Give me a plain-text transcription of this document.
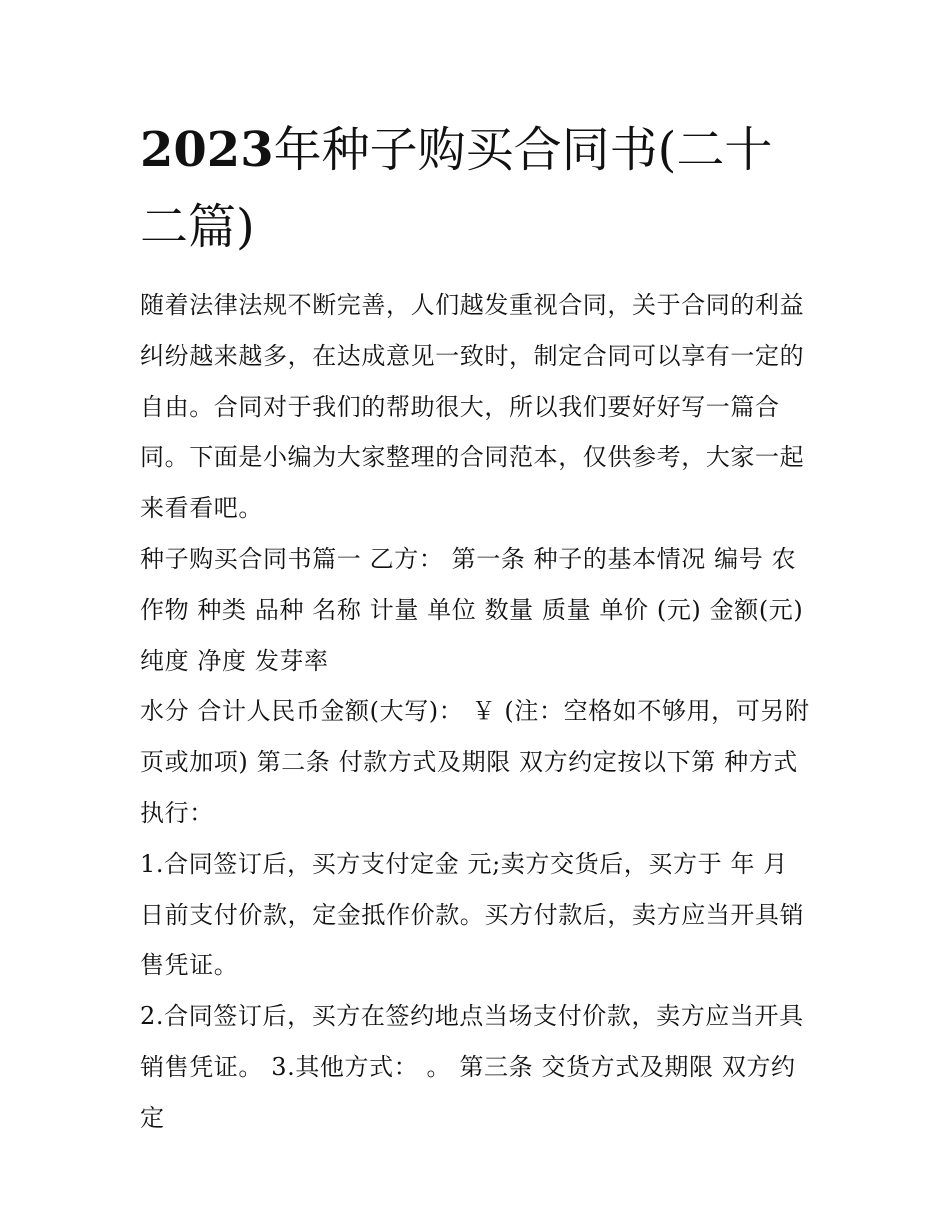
2023年种子购买合同书(二十二篇)

随着法律法规不断完善，人们越发重视合同，关于合同的利益纠纷越来越多，在达成意见一致时，制定合同可以享有一定的自由。合同对于我们的帮助很大，所以我们要好好写一篇合同。下面是小编为大家整理的合同范本，仅供参考，大家一起来看看吧。

种子购买合同书篇一 乙方： 第一条 种子的基本情况 编号 农作物 种类 品种 名称 计量 单位 数量 质量 单价 (元) 金额(元) 纯度 净度 发芽率

水分 合计人民币金额(大写)： ￥ (注：空格如不够用，可另附页或加项) 第二条 付款方式及期限 双方约定按以下第 种方式执行：

1.合同签订后，买方支付定金 元;卖方交货后，买方于 年 月 日前支付价款，定金抵作价款。买方付款后，卖方应当开具销售凭证。

2.合同签订后，买方在签约地点当场支付价款，卖方应当开具销售凭证。 3.其他方式： 。 第三条 交货方式及期限 双方约定
